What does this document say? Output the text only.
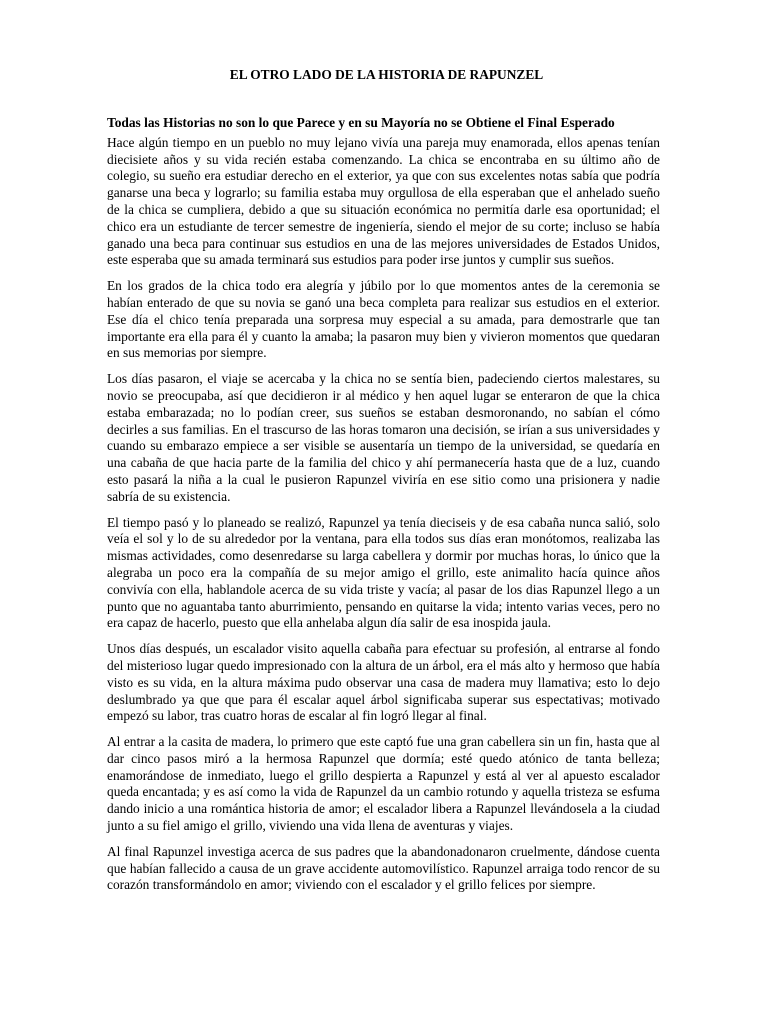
EL OTRO LADO DE LA HISTORIA DE RAPUNZEL

Todas las Historias no son lo que Parece y en su Mayoría no se Obtiene el Final Esperado

Hace algún tiempo en un pueblo no muy lejano vivía una pareja muy enamorada, ellos apenas tenían diecisiete años y su vida recién estaba comenzando. La chica se encontraba en su último año de colegio, su sueño era estudiar derecho en el exterior, ya que con sus excelentes notas sabía que podría ganarse una beca y lograrlo; su familia estaba muy orgullosa de ella esperaban que el anhelado sueño de la chica se cumpliera, debido a que su situación económica no permitía darle esa oportunidad; el chico era un estudiante de tercer semestre de ingeniería, siendo el mejor de su corte; incluso se había ganado una beca para continuar sus estudios en una de las mejores universidades de Estados Unidos, este esperaba que su amada terminará sus estudios para poder irse juntos y cumplir sus sueños.

En los grados de la chica todo era alegría y júbilo por lo que momentos antes de la ceremonia se habían enterado de que su novia se ganó una beca completa para realizar sus estudios en el exterior. Ese día el chico tenía preparada una sorpresa muy especial a su amada, para demostrarle que tan importante era ella para él y cuanto la amaba; la pasaron muy bien y vivieron momentos que quedaran en sus memorias por siempre.

Los días pasaron, el viaje se acercaba y la chica no se sentía bien, padeciendo ciertos malestares, su novio se preocupaba, así que decidieron ir al médico y hen aquel lugar se enteraron de que la chica estaba embarazada; no lo podían creer, sus sueños se estaban desmoronando, no sabían el cómo decirles a sus familias. En el trascurso de las horas tomaron una decisión, se irían a sus universidades y cuando su embarazo empiece a ser visible se ausentaría un tiempo de la universidad, se quedaría en una cabaña de que hacia parte de la familia del chico y ahí permanecería hasta que de a luz, cuando esto pasará la niña a la cual le pusieron Rapunzel viviría en ese sitio como una prisionera y nadie sabría de su existencia.

El tiempo pasó y lo planeado se realizó, Rapunzel ya tenía dieciseis y de esa cabaña nunca salió, solo veía el sol y lo de su alrededor por la ventana, para ella todos sus días eran monótomos, realizaba las mismas actividades, como desenredarse su larga cabellera y dormir por muchas horas, lo único que la alegraba un poco era la compañía de su mejor amigo el grillo, este animalito hacía quince años convivía con ella, hablandole acerca de su vida triste y vacía; al pasar de los dias Rapunzel llego a un punto que no aguantaba tanto aburrimiento, pensando en quitarse la vida; intento varias veces, pero no era capaz de hacerlo, puesto que ella anhelaba algun día salir de esa inospida jaula.

Unos días después, un escalador visito aquella cabaña para efectuar su profesión, al entrarse al fondo del misterioso lugar quedo impresionado con la altura de un árbol, era el más alto y hermoso que había visto es su vida, en la altura máxima pudo observar una casa de madera muy llamativa; esto lo dejo deslumbrado ya que que para él escalar aquel árbol significaba superar sus espectativas; motivado empezó su labor, tras cuatro horas de escalar al fin logró llegar al final.

Al entrar a la casita de madera, lo primero que este captó fue una gran cabellera sin un fin, hasta que al dar cinco pasos miró a la hermosa Rapunzel que dormía; esté quedo atónico de tanta belleza; enamorándose de inmediato, luego el grillo despierta a Rapunzel y está al ver al apuesto escalador queda encantada; y es así como la vida de Rapunzel da un cambio rotundo y aquella tristeza se esfuma dando inicio a una romántica historia de amor; el escalador libera a Rapunzel llevándosela a la ciudad junto a su fiel amigo el grillo, viviendo una vida llena de aventuras y viajes.

Al final Rapunzel investiga acerca de sus padres que la abandonadonaron cruelmente, dándose cuenta que habían fallecido a causa de un grave accidente automovilístico. Rapunzel arraiga todo rencor de su corazón transformándolo en amor; viviendo con el escalador y el grillo felices por siempre.
